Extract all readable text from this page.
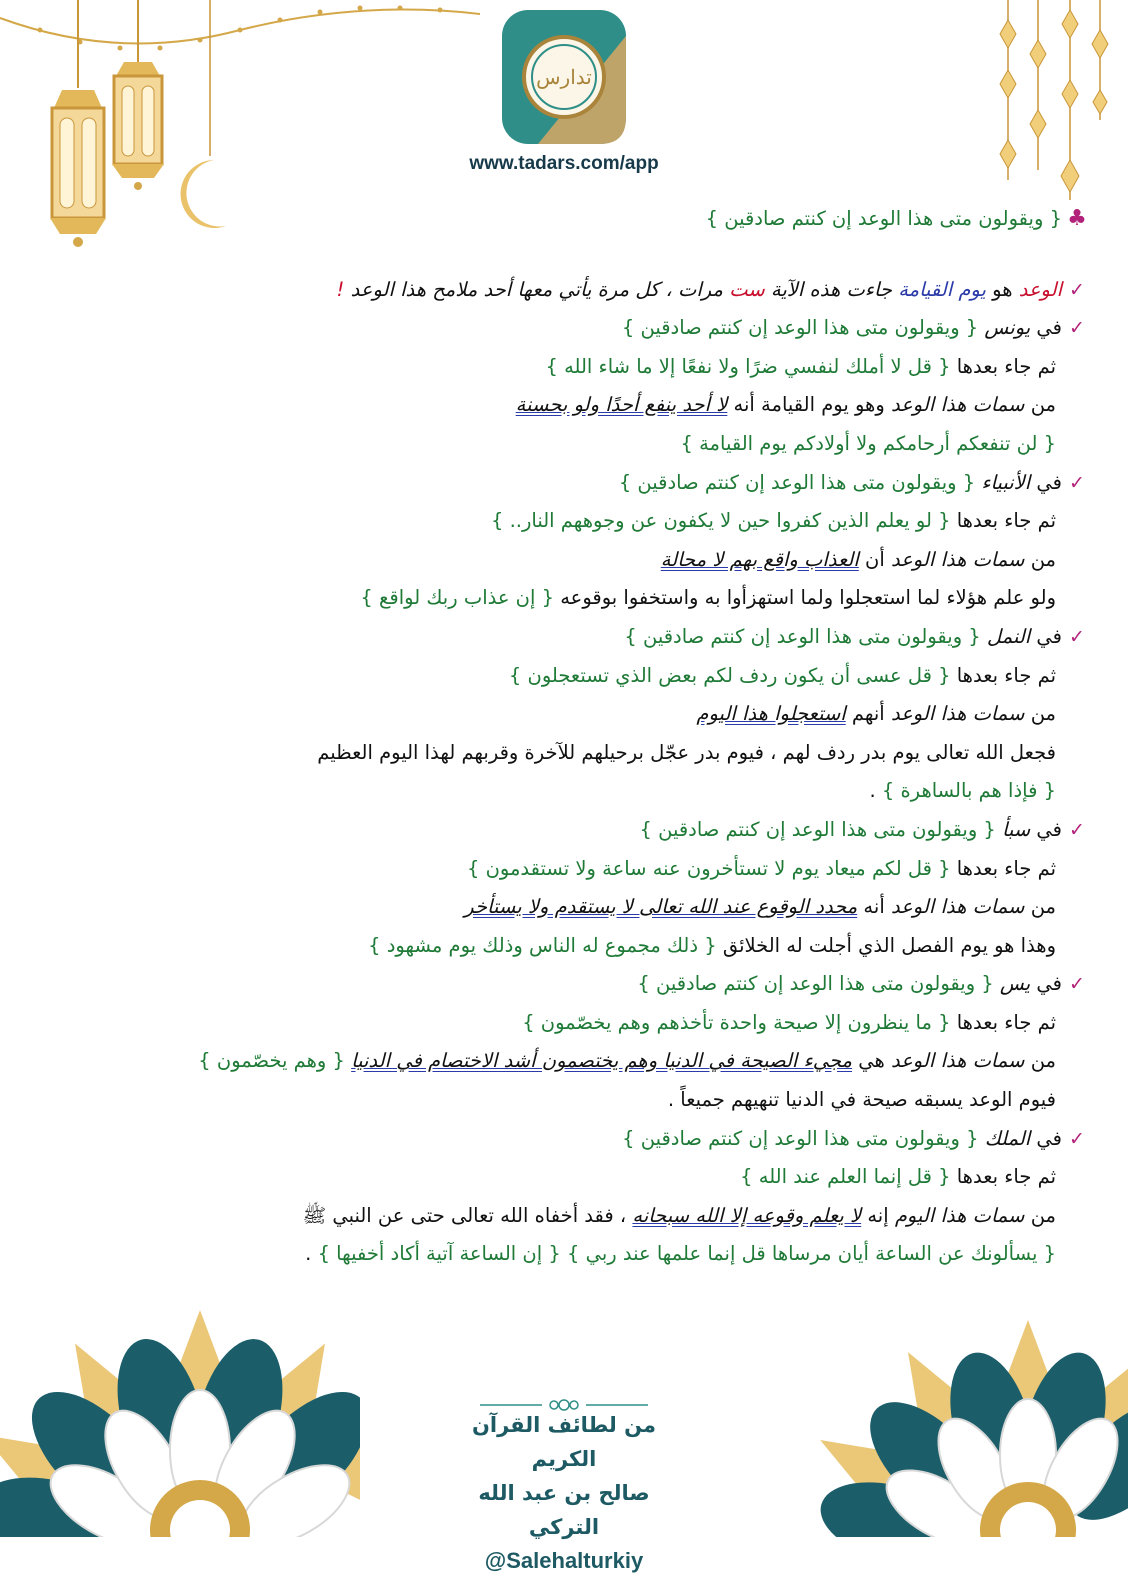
تدارس
www.tadars.com/app
♣{ ويقولون متى هذا الوعد إن كنتم صادقين }
✓الوعد هو يوم القيامة جاءت هذه الآية ست مرات ، كل مرة يأتي معها أحد ملامح هذا الوعد !
✓في يونس { ويقولون متى هذا الوعد إن كنتم صادقين }
ثم جاء بعدها { قل لا أملك لنفسي ضرًا ولا نفعًا إلا ما شاء الله }
من سمات هذا الوعد وهو يوم القيامة أنه لا أحد ينفع أحدًا ولو بحسنة
{ لن تنفعكم أرحامكم ولا أولادكم يوم القيامة }
✓في الأنبياء { ويقولون متى هذا الوعد إن كنتم صادقين }
ثم جاء بعدها { لو يعلم الذين كفروا حين لا يكفون عن وجوههم النار.. }
من سمات هذا الوعد أن العذاب واقع بهم لا محالة
ولو علم هؤلاء لما استعجلوا ولما استهزأوا به واستخفوا بوقوعه { إن عذاب ربك لواقع }
✓في النمل { ويقولون متى هذا الوعد إن كنتم صادقين }
ثم جاء بعدها { قل عسى أن يكون ردف لكم بعض الذي تستعجلون }
من سمات هذا الوعد أنهم استعجلوا هذا اليوم
فجعل الله تعالى يوم بدر ردف لهم ، فيوم بدر عجّل برحيلهم للآخرة وقربهم لهذا اليوم العظيم
{ فإذا هم بالساهرة } .
✓في سبأ { ويقولون متى هذا الوعد إن كنتم صادقين }
ثم جاء بعدها { قل لكم ميعاد يوم لا تستأخرون عنه ساعة ولا تستقدمون }
من سمات هذا الوعد أنه محدد الوقوع عند الله تعالى لا يستقدم ولا يستأخر
وهذا هو يوم الفصل الذي أجلت له الخلائق { ذلك مجموع له الناس وذلك يوم مشهود }
✓في يس { ويقولون متى هذا الوعد إن كنتم صادقين }
ثم جاء بعدها { ما ينظرون إلا صيحة واحدة تأخذهم وهم يخصّمون }
من سمات هذا الوعد هي مجيء الصيحة في الدنيا وهم يختصمون أشد الاختصام في الدنيا { وهم يخصّمون }
فيوم الوعد يسبقه صيحة في الدنيا تنهيهم جميعاً .
✓في الملك { ويقولون متى هذا الوعد إن كنتم صادقين }
ثم جاء بعدها { قل إنما العلم عند الله }
من سمات هذا اليوم إنه لا يعلم وقوعه إلا الله سبحانه ، فقد أخفاه الله تعالى حتى عن النبي ﷺ
{ يسألونك عن الساعة أيان مرساها قل إنما علمها عند ربي } { إن الساعة آتية أكاد أخفيها } .
من لطائف القرآن الكريم
صالح بن عبد الله التركي
@Salehalturkiy
